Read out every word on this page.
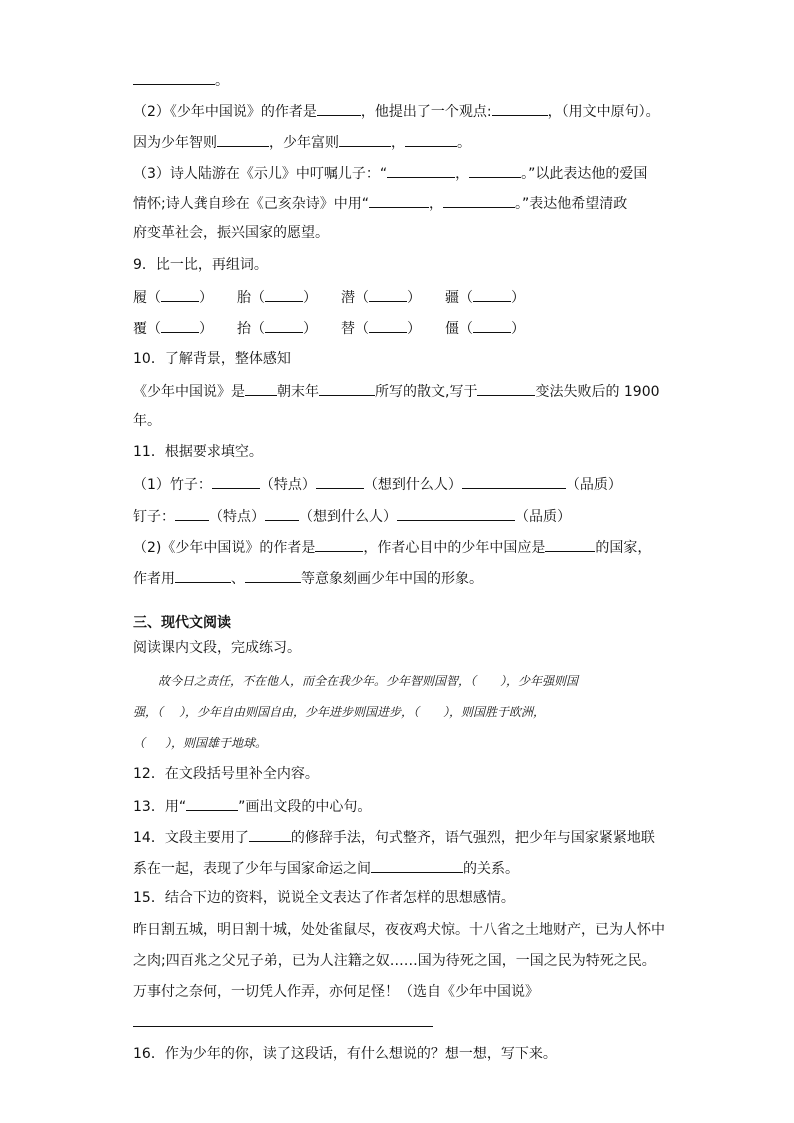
。
（2）《少年中国说》的作者是	，他提出了一个观点:	，（用文中原句）。
因为少年智则	，少年富则	，	。
（3）诗人陆游在《示儿》中叮嘱儿子：“	，	。”以此表达他的爱国
情怀;诗人龚自珍在《己亥杂诗》中用“	，	。”表达他希望清政
府变革社会，振兴国家的愿望。
9．比一比，再组词。
履（	） 胎（	） 潜（	） 疆（	）
覆（	） 抬（	） 替（	） 僵（	）
10．了解背景，整体感知
《少年中国说》是 朝末年	所写的散文,写于	变法失败后的 1900
年。
11．根据要求填空。
（1）竹子：	（特点）	（想到什么人）	（品质）
钉子： （特点） （想到什么人）	（品质）
（2)《少年中国说》的作者是	，作者心目中的少年中国应是	的国家，
作者用	、	等意象刻画少年中国的形象。
三、现代文阅读
阅读课内文段，完成练习。
故今日之责任，不在他人，而全在我少年。少年智则国智，（ ），少年强则国
强，（ ），少年自由则国自由，少年进步则国进步，（ ），则国胜于欧洲，
（ ），则国雄于地球。
12．在文段括号里补全内容。
13．用“	”画出文段的中心句。
14．文段主要用了	的修辞手法，句式整齐，语气强烈，把少年与国家紧紧地联
系在一起，表现了少年与国家命运之间	的关系。
15．结合下边的资料，说说全文表达了作者怎样的思想感情。
昨日割五城，明日割十城，处处雀鼠尽，夜夜鸡犬惊。十八省之土地财产，已为人怀中
之肉;四百兆之父兄子弟，已为人注籍之奴……国为待死之国，一国之民为特死之民。
万事付之奈何，一切凭人作弄，亦何足怪！（选自《少年中国说》
16．作为少年的你，读了这段话，有什么想说的？想一想，写下来。
